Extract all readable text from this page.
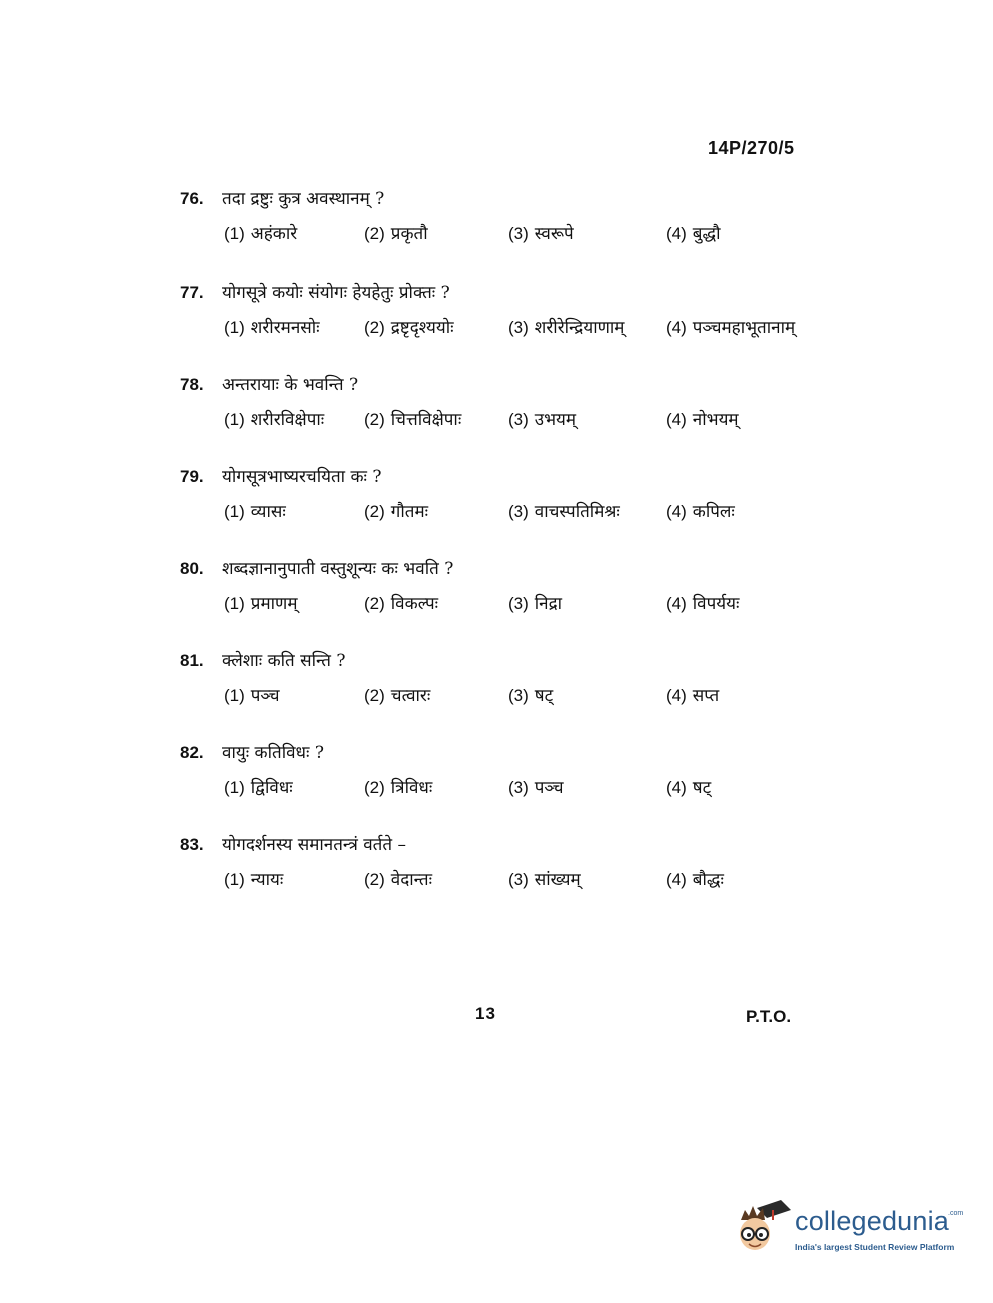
14P/270/5
76.	तदा द्रष्टुः कुत्र अवस्थानम् ?
(1) अहंकारे	(2) प्रकृतौ	(3) स्वरूपे	(4) बुद्धौ
77.	योगसूत्रे कयोः संयोगः हेयहेतुः प्रोक्तः ?
(1) शरीरमनसोः	(2) द्रष्टृदृश्ययोः	(3) शरीरेन्द्रियाणाम् (4) पञ्चमहाभूतानाम्
78.	अन्तरायाः के भवन्ति ?
(1) शरीरविक्षेपाः (2) चित्तविक्षेपाः	(3) उभयम्	(4) नोभयम्
79.	योगसूत्रभाष्यरचयिता कः ?
(1) व्यासः	(2) गौतमः	(3) वाचस्पतिमिश्रः	(4) कपिलः
80.	शब्दज्ञानानुपाती वस्तुशून्यः कः भवति ?
(1) प्रमाणम्	(2) विकल्पः	(3) निद्रा	(4) विपर्ययः
81.	क्लेशाः कति सन्ति ?
(1) पञ्च	(2) चत्वारः	(3) षट्	(4) सप्त
82.	वायुः कतिविधः ?
(1) द्विविधः	(2) त्रिविधः	(3) पञ्च	(4) षट्
83.	योगदर्शनस्य समानतन्त्रं वर्तते –
(1) न्यायः	(2) वेदान्तः	(3) सांख्यम्	(4) बौद्धः
13	P.T.O.
collegedunia
.com
India's largest Student Review Platform
